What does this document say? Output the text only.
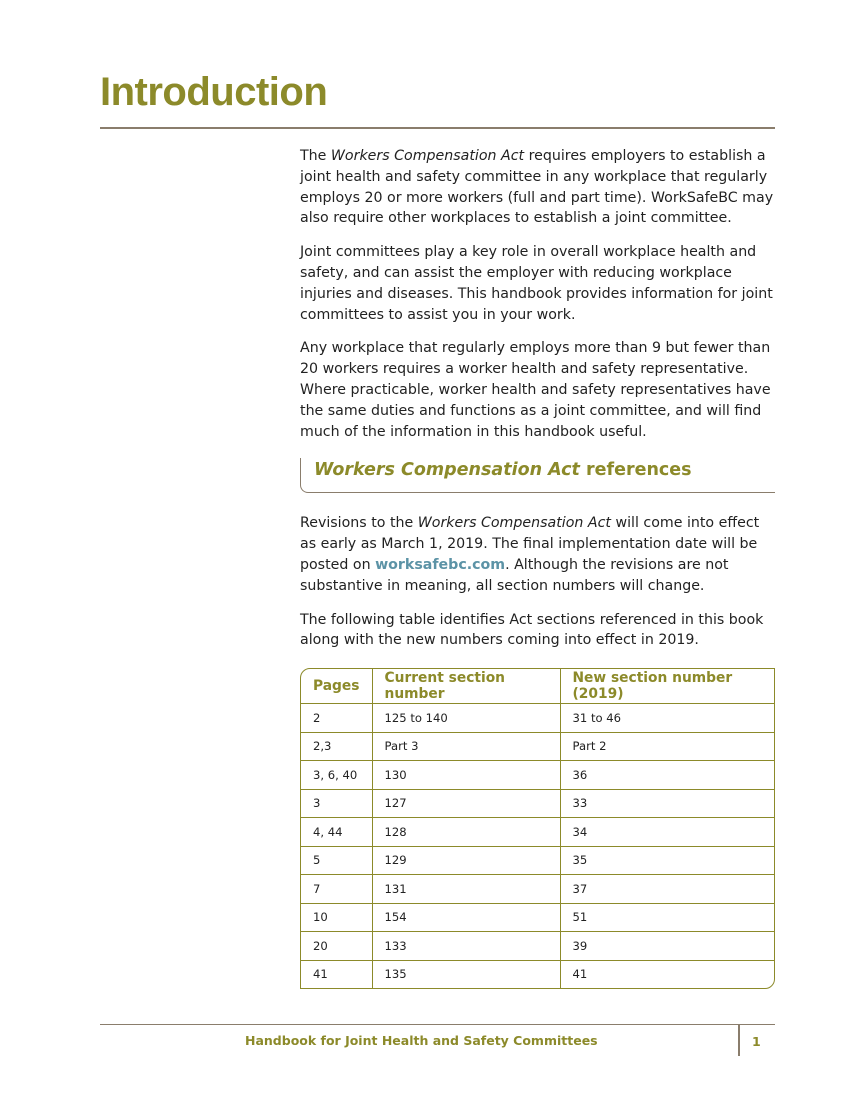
Introduction

The Workers Compensation Act requires employers to establish a joint health and safety committee in any workplace that regularly employs 20 or more workers (full and part time). WorkSafeBC may also require other workplaces to establish a joint committee.

Joint committees play a key role in overall workplace health and safety, and can assist the employer with reducing workplace injuries and diseases. This handbook provides information for joint committees to assist you in your work.

Any workplace that regularly employs more than 9 but fewer than 20 workers requires a worker health and safety representative. Where practicable, worker health and safety representatives have the same duties and functions as a joint committee, and will find much of the information in this handbook useful.

Workers Compensation Act references

Revisions to the Workers Compensation Act will come into effect as early as March 1, 2019. The final implementation date will be posted on worksafebc.com. Although the revisions are not substantive in meaning, all section numbers will change.

The following table identifies Act sections referenced in this book along with the new numbers coming into effect in 2019.

Pages	Current section number	New section number (2019)
2	125 to 140	31 to 46
2,3	Part 3	Part 2
3, 6, 40	130	36
3	127	33
4, 44	128	34
5	129	35
7	131	37
10	154	51
20	133	39
41	135	41
Handbook for Joint Health and Safety Committees	1
